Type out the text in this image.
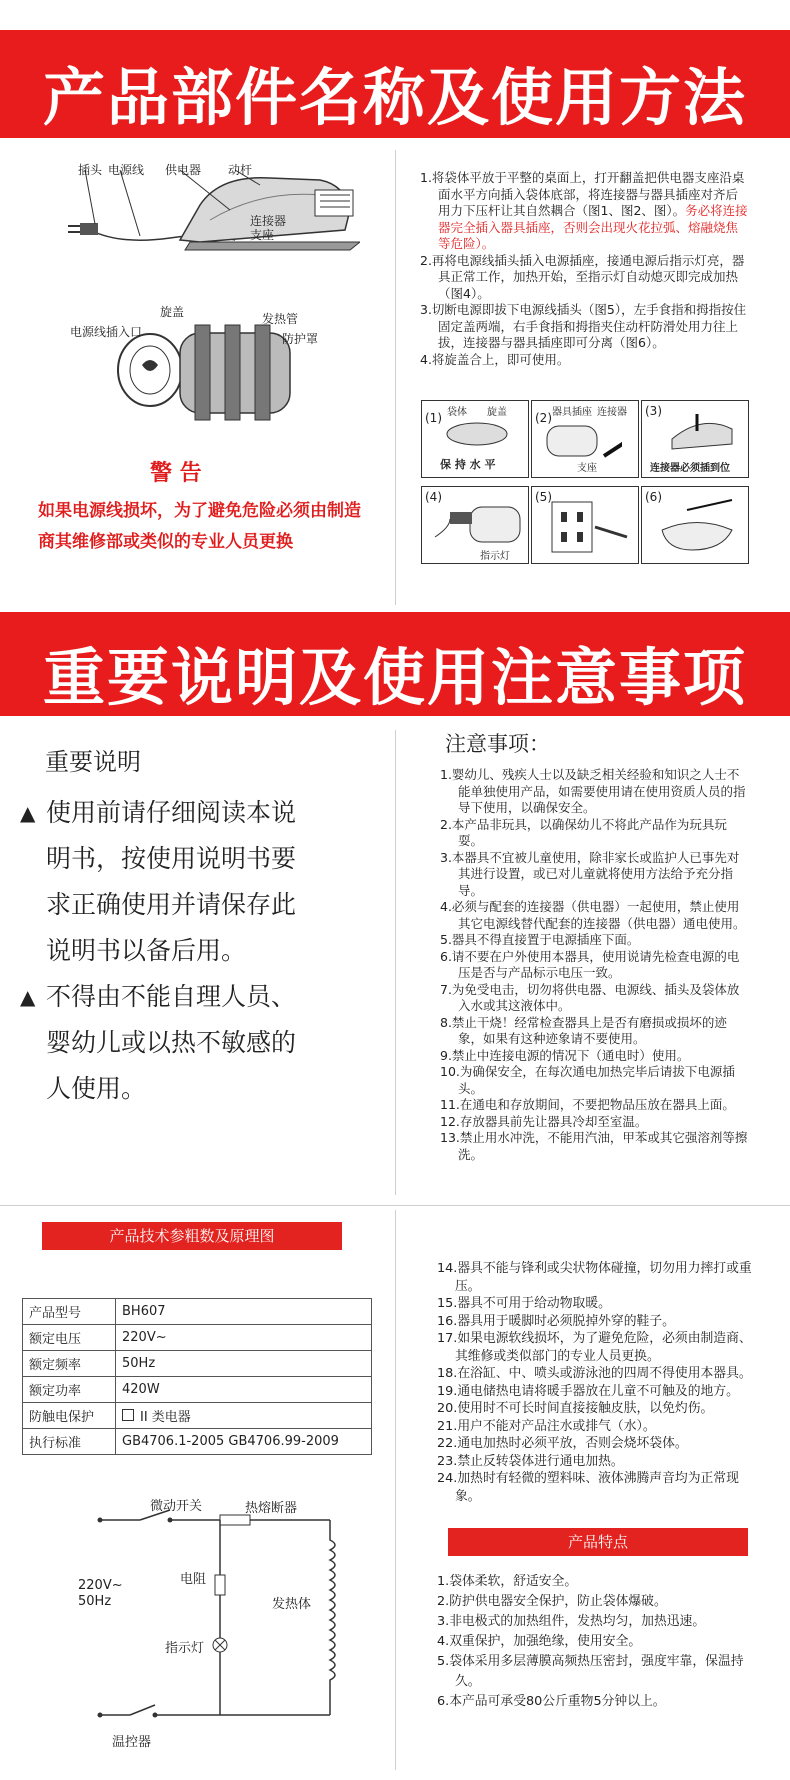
产品部件名称及使用方法
插头 电源线 供电器 动杆
连接器
支座
旋盖
电源线插入口
发热管
防护罩
警 告
如果电源线损坏，为了避免危险必须由制造商其维修部或类似的专业人员更换

1.将袋体平放于平整的桌面上，打开翻盖把供电器支座沿桌面水平方向插入袋体底部，将连接器与器具插座对齐后用力下压杆让其自然耦合（图1、图2、图）。务必将连接器完全插入器具插座，否则会出现火花拉弧、熔融烧焦等危险）。

2.再将电源线插头插入电源插座，接通电源后指示灯亮，器具正常工作，加热开始，至指示灯自动熄灭即完成加热（图4）。

3.切断电源即拔下电源线插头（图5），左手食指和拇指按住固定盖两端，右手食指和拇指夹住动杆防滑处用力往上拔，连接器与器具插座即可分离（图6）。

4.将旋盖合上，即可使用。

(1) 袋体 旋盖
保 持 水 平
(2) 器具插座 连接器
支座
(3)
连接器必须插到位
(4)
指示灯
(5)	(6)
重要说明及使用注意事项
重要说明
▲ 使用前请仔细阅读本说
明书，按使用说明书要
求正确使用并请保存此
说明书以备后用。
▲ 不得由不能自理人员、
婴幼儿或以热不敏感的
人使用。
注意事项：

1.婴幼儿、残疾人士以及缺乏相关经验和知识之人士不能单独使用产品，如需要使用请在使用资质人员的指导下使用，以确保安全。

2.本产品非玩具，以确保幼儿不将此产品作为玩具玩耍。

3.本器具不宜被儿童使用，除非家长或监护人已事先对其进行设置，或已对儿童就将使用方法给予充分指导。

4.必须与配套的连接器（供电器）一起使用，禁止使用其它电源线替代配套的连接器（供电器）通电使用。

5.器具不得直接置于电源插座下面。

6.请不要在户外使用本器具，使用说请先检查电源的电压是否与产品标示电压一致。

7.为免受电击，切勿将供电器、电源线、插头及袋体放入水或其这液体中。

8.禁止干烧！经常检查器具上是否有磨损或损坏的迹象，如果有这种迹象请不要使用。

9.禁止中连接电源的情况下（通电时）使用。

10.为确保安全，在每次通电加热完毕后请拔下电源插头。

11.在通电和存放期间，不要把物品压放在器具上面。

12.存放器具前先让器具冷却至室温。

13.禁止用水冲洗，不能用汽油，甲苯或其它强溶剂等擦洗。

产品技术参粗数及原理图
产品型号	BH607
额定电压	220V~
额定频率	50Hz
额定功率	420W
防触电保护	II 类电器
执行标准	GB4706.1-2005 GB4706.99-2009
微动开关	热熔断器
电阻
发热体
220V~
50Hz
指示灯
温控器

14.器具不能与锋利或尖状物体碰撞，切勿用力摔打或重压。

15.器具不可用于给动物取暖。

16.器具用于暖脚时必须脱掉外穿的鞋子。

17.如果电源软线损坏，为了避免危险，必须由制造商、其维修或类似部门的专业人员更换。

18.在浴缸、中、喷头或游泳池的四周不得使用本器具。

19.通电储热电请将暖手器放在儿童不可触及的地方。

20.使用时不可长时间直接接触皮肤，以免灼伤。

21.用户不能对产品注水或排气（水）。

22.通电加热时必须平放，否则会烧坏袋体。

23.禁止反转袋体进行通电加热。

24.加热时有轻微的塑料味、液体沸腾声音均为正常现象。

产品特点

1.袋体柔软，舒适安全。

2.防护供电器安全保护，防止袋体爆破。

3.非电极式的加热组件，发热均匀，加热迅速。

4.双重保护，加强绝缘，使用安全。

5.袋体采用多层薄膜高频热压密封，强度牢靠，保温持久。

6.本产品可承受80公斤重物5分钟以上。
